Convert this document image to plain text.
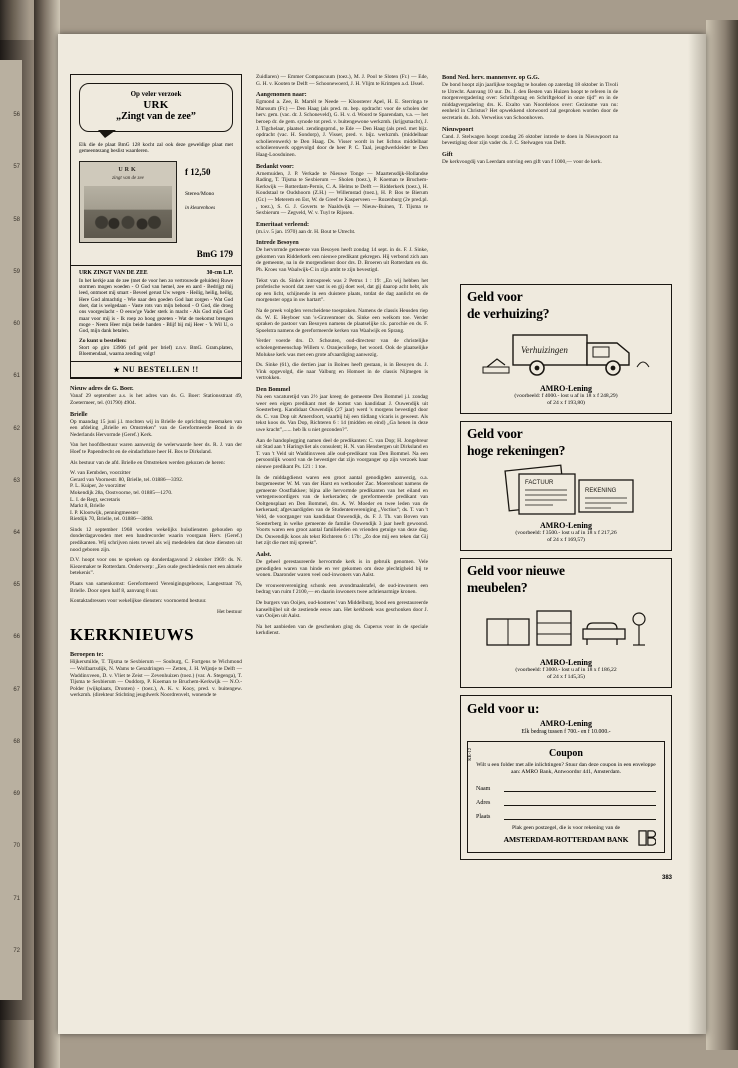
56
57
58
59
60
61
62
63
64
65
66
67
68
69
70
71
72
Op veler verzoek
URK
„Zingt van de zee”
Elk die de plaat BmG 128 kocht zal ook deze geweldige plaat met gemeentezang beslist waarderen.
URK
zingt van de zee
f 12,50
Stereo/Mono
in kleurenhoes
BmG 179
URK ZINGT VAN DE ZEE	30-cm L.P.
In het kerkje aan de zee (met de voor hen zo vertrouwde geluiden) Ruwe stormen mogen woeden - O God van hemel, zee en aard - Bedrijgt mij leed, ontmoet mij smart - Beveel gerust Uw wegen - Heilig, heilig, heilig, Here God almachtig - Wie naar den goeden God laat zorgen - Wat God doet, dat is welgedaan - Vaste rots van mijn behoud - O God, die droeg ons voorgeslacht - O eeuw'ge Vader sterk in macht - Als God mijn God maar voor mij is - Ik roep zo hoog gezeten - Wat de toekomst brengen moge - Neem Heer mijn beide handen - Blijf bij mij Heer - 'k Wil U, o God, mijn dank betalen.
Zo kunt u bestellen:
Stort op giro 13906 (of geld per brief) z.n.v. BmG. Gram.platen, Bloemendaal, waarna zending volgt!
★ NU BESTELLEN !!
Nieuw adres de G. Boer.

Vanaf 29 september a.s. is het adres van ds. G. Boer: Stationsstraat 49, Zoetermeer, tel. (01790) 4904.

Brielle

Op maandag 15 juni j.l. mochten wij in Brielle de oprichting meemaken van een afdeling „Brielle en Omstreken” van de Gereformeerde Bond in de Nederlands Hervormde (Geref.) Kerk.

Van het hoofdbestuur waren aanwezig de welerwaarde heer ds. R. J. van der Hoef te Papendrecht en de eindachtbare heer H. Bos te Dirksland.

Als bestuur van de afd. Brielle en Omstreken werden gekozen de heren:

W. van Eembden, voorzitter

Gerard van Voornestr. 80, Brielle, tel. 01886—3392.

P. L. Kuiper, 2e voorzitter

Mokendijk 28a, Oostvoorne, tel. 01885—1270.

L. I. de Regt, secretaris

Markt 8, Brielle

I. P. Klootwijk, penningmeester

Rietdijk 70, Brielle, tel. 01886—3898.

Sinds 12 september 1968 worden wekelijks huisdiensten gehouden op donderdagavonden met een bandrecorder waarin voorgaan Herv. (Geref.) predikanten. Wij schrijven niets teveel als wij mededelen dat deze diensten uit nood geboren zijn.

D.V. hoopt voor ons te spreken op donderdagavond 2 oktober 1969: ds. N. Kiezemaker te Rotterdam. Onderwerp: „Een oude geschiedenis met een aktuele betekenis”.

Plaats van samenkomst: Gereformeerd Verenigingsgebouw, Langestraat 76, Brielle. Door open half 8, aanvang 8 uur.

Kontaktadressen voor wekelijkse diensten: voornoemd bestuur.

Het bestuur

KERKNIEUWS
Beroepen te:

Hijkersmilde, T. Tijsma te Sexbierum — Souburg, C. Fortgens te Wichmond — Wolfaartsdijk, N. Wams te Genzdringen — Zetten, J. H. Wijntje te Delft — Waddinxveen, D. v. Vliet te Zeist — Zevenhuizen (toez.) (var. A. Stegenga), T. Tijsma te Sexbierum — Ouddorp, P. Koeman te Bruchem-Kerkwijk — N.O.-Polder (wijkplaats, Dronten) - (toez.), A. K. v. Kooy, pred. v. buitengew. werkzmh. (direkteur Stichting jeugdwerk Noordrenvelt, wonende te

Zuidlaren) — Emmer Compascuum (toez.), M. J. Pool te Sloten (Fr.) — Ede, G. H. v. Kooten te Delft — Schoonewoerd, J. H. Vlijm te Krimpen a.d. IJssel.

Aangenomen naar:

Egmond a. Zee, B. Martèl te Neede — Kloosterer Apel, H. E. Sterringa te Marssum (Fr.) — Den Haag (als pred. m. bep. opdracht: voor de scholen der herv. gem. (vac. dr. J. Schoneveld), G. H. v. d. Woord te Sparendam, v.a. — het beroep dr. de gem. synode tot pred. v. buitengewone werkzmh. (krijgsmacht), J. J. Tigchelaar, plaatsel. zendingsprnd., te Ede — Den Haag (als pred. met bijz. opdracht (vac. H. Sondorp), J. Visser, pred. v. bijz. werkzmh. (middelbaar scholierenwerk) te Den Haag. Ds. Visser wordt in het lichtus middelbaar scholierenwerk opgevolgd door de heer P. C. Taal, jeugdwerkleider te Den Haag-Loosduinen.

Bedankt voor:

Arnemuiden, J. P. Verkade te Nieuwe Tonge — Maartensdijk-Hollandse Rading, T. Tijsma te Sexbierum — Sholen (toez.), P. Koeman te Bruchem-Kerkwijk — Rotterdam-Pernis, C. A. Helms te Delft — Ridderkerk (toez.), H. Koudstaal te Oudshoorn (Z.H.) — Willemstad (toez.), H. P. Bos te Bierum (Gr.) — Meterem en Est, W. de Greef te Kasperveen — Rozenburg (2e pred.pl. , toez.), S. G. J. Goverts te Naaldwijk — Nieuw-Buinen, T. Tijsma te Sexbierum — Zegveld, W. v. Tuyl te Rijssen.

Emeritaat verleend:

(m.i.v. 5 jan. 1970) aan dr. H. Bout te Utrecht.

Intrede Besoyen

De hervormde gemeente van Besoyen heeft zondag 14 sept. in ds. F. J. Sinke, gekomen van Ridderkerk een nieuwe predikant gekregen. Hij verbond zich aan de gemeente, na in de morgendienst door drs. D. Broeren uit Rotterdam en ds. Ph. Kroes van Waalwijk-C in zijn ambt te zijn bevestigd.

Tekst van ds. Sinke's introspreek was 2 Petrus 1 : 19: „En wij hebben het profetische woord dat zeer vast is en gij doet wel, dat gij daarop acht hebt, als op een licht, schijnende in een duistere plaats, totdat de dag aanlicht en de morgenster opga in uw hartart”.

Na de preek volgden verscheidene toespraken. Namens de classis Heusden riep ds. W. E. Heyboer van 's-Gravenmoer ds. Sinke een welkom toe. Verder spraken de pastoor van Besoyen namens de plaatselijke r.k. parochie en ds. F. Spoelstra namens de gereformeerde kerken van Waalwijk en Sprang.

Verder voerde drs. D. Schouten, oud-directeur van de christelijke scholengemeenschap Willem v. Oranjecollege, het woord. Ook de plaatselijke Molukse kerk was met een grote afvaardiging aanwezig.

Ds. Sinke (61), die dertien jaar in Bolnes heeft gestaan, is in Besoyen ds. J. Vink opgevolgd, die naar Valburg en Homoet in de classis Nijmegen is vertrokken.

Den Bommel

Na een vacaturetijd van 2½ jaar kreeg de gemeente Den Bommel j.l. zondag weer een eigen predikant met de komst van kandidaat J. Ouwendijk uit Soesterberg. Kandidaat Ouwendijk (27 jaar) werd 's morgens bevestigd door ds. C. van Dop uit Amersfoort, waarbij hij een tiidlang vicaris is geweest. Als tekst koos ds. Van Dop, Richteren 6 : 14 (midden en eind) „Ga henen in deze uwe kracht”,...... heb Ik u niet gezonden?”.

Aan de handoplegging namen deel de predikanten: C. van Dop; H. Jongebreur uit Stad aan 't Haringvliet als consulent; H. N. van Hensbergen uit Dirksland en T. van 't Veld uit Waddinxveen alle oud-predikant van Den Bommel. Na een persoonlijk woord van de bevestiger dat zijn voorganger op zijn verzoek haar nieuwe predikant Ps. 121 : 1 toe.

In de middagdienst waren een groot aantal genodigden aanwezig, o.a. burgemeester W. M. van der Harst en wethouder Zac. Moerenhout namens de gemeente Oostflakkee; bijna alle hervormde predikanten van het eiland en vertegenwoordigers van de kerkeraden; de gereformeerde predikant van Ooltgensplaat en Den Bommel, drs. A. W. Moeder en twee leden van de kerkeraad; afgevaardigden van de Studentenvereniging „Voctius”; ds. T. van 't Veld, de voorganger van kandidaat Ouwendijk, ds. F. J. Th. van Boven van Soesterberg in welke gemeente de familie Ouwendijk 3 jaar heeft gewoond. Voorts waren een groot aantal familieleden en vrienden getuige van deze dag. Ds. Ouwendijk koos als tekst Richteren 6 : 17b: „Zo doe mij een teken dat Gij het zijt die met mij spreekt”.

Aalst.

De geheel gerestaureerde hervormde kerk is in gebruik genomen. Vele genodigden waren van hinde en ver gekomen om deze plechtigheid bij te wonen. Daaronder waren veel oud-inwoners van Aalst.

De vrouwenvereniging schonk een avondmaalstafel, de oud-inwoners een bedrag van ruim f 2100,— en daarin inwoners twee achtienarmige kronen.

De burgers van Ooijen, oud-kosteres’ van Middelburg, bood een gerestaureerde kanselbijbel uit de zestiende eeuw aan. Het kerkboek was geschonken door J. van Ooijen uit Aalst.

Na het aanbieden van de geschenken ging ds. Cuperus voor in de speciale kerkdienst.

Bond Ned. herv. mannenver. op G.G.

De bond hoopt zijn jaarlijkse toogdag te houden op zaterdag 18 oktober in Tivoli te Utrecht. Aanvang 10 uur. Ds. J. den Besten van Huizen hoopt te referen in de morgenvergadering over: Schriftgezag en Schriftgeloof in onze tijd” en in de middagvergadering drs. K. Exalto van Noordeloos over: Gezinsme van nu: eenheid in Christus? Het opwekkend slotwoord zal gesproken worden door de secretaris ds. Joh. Verwelius van Schoonhoven.

Nieuwpoort

Cand. J. Stelwagen hoopt zondag 26 oktober intrede te doen in Nieuwpoort na bevestiging door zijn vader ds. J. C. Stelwagen van Delft.

Gift

De kerkvoogdij van Leerdam ontving een gift van f 1000,— voor de kerk.

Geld voor
de verhuizing?
Verhuizingen
AMRO-Lening
(voorbeeld: f 4000.- lost u af in 18 x f 248,29)
of 24 x f 193,80)
Geld voor
hoge rekeningen?
FACTUUR
REKENING
AMRO-Lening
(voorbeeld: f 3500.- lost u af in 18 x f 217,26
of 24 x f 169,57)
Geld voor nieuwe
meubelen?
AMRO-Lening
(voorbeeld: f 3000.- lost u af in 18 x f 186,22
of 24 x f 145,35)
Geld voor u:
AMRO-Lening
Elk bedrag tussen f 700.- en f 10.000.-
KK-12	Coupon
Wilt u een folder met alle inlichtingen? Stuur dan deze coupon in een enveloppe aan: AMRO Bank, Antwoordnr 441, Amsterdam.
Naam
Adres
Plaats
Plak geen postzegel, die is voor rekening van de
AMSTERDAM-ROTTERDAM BANK
383
